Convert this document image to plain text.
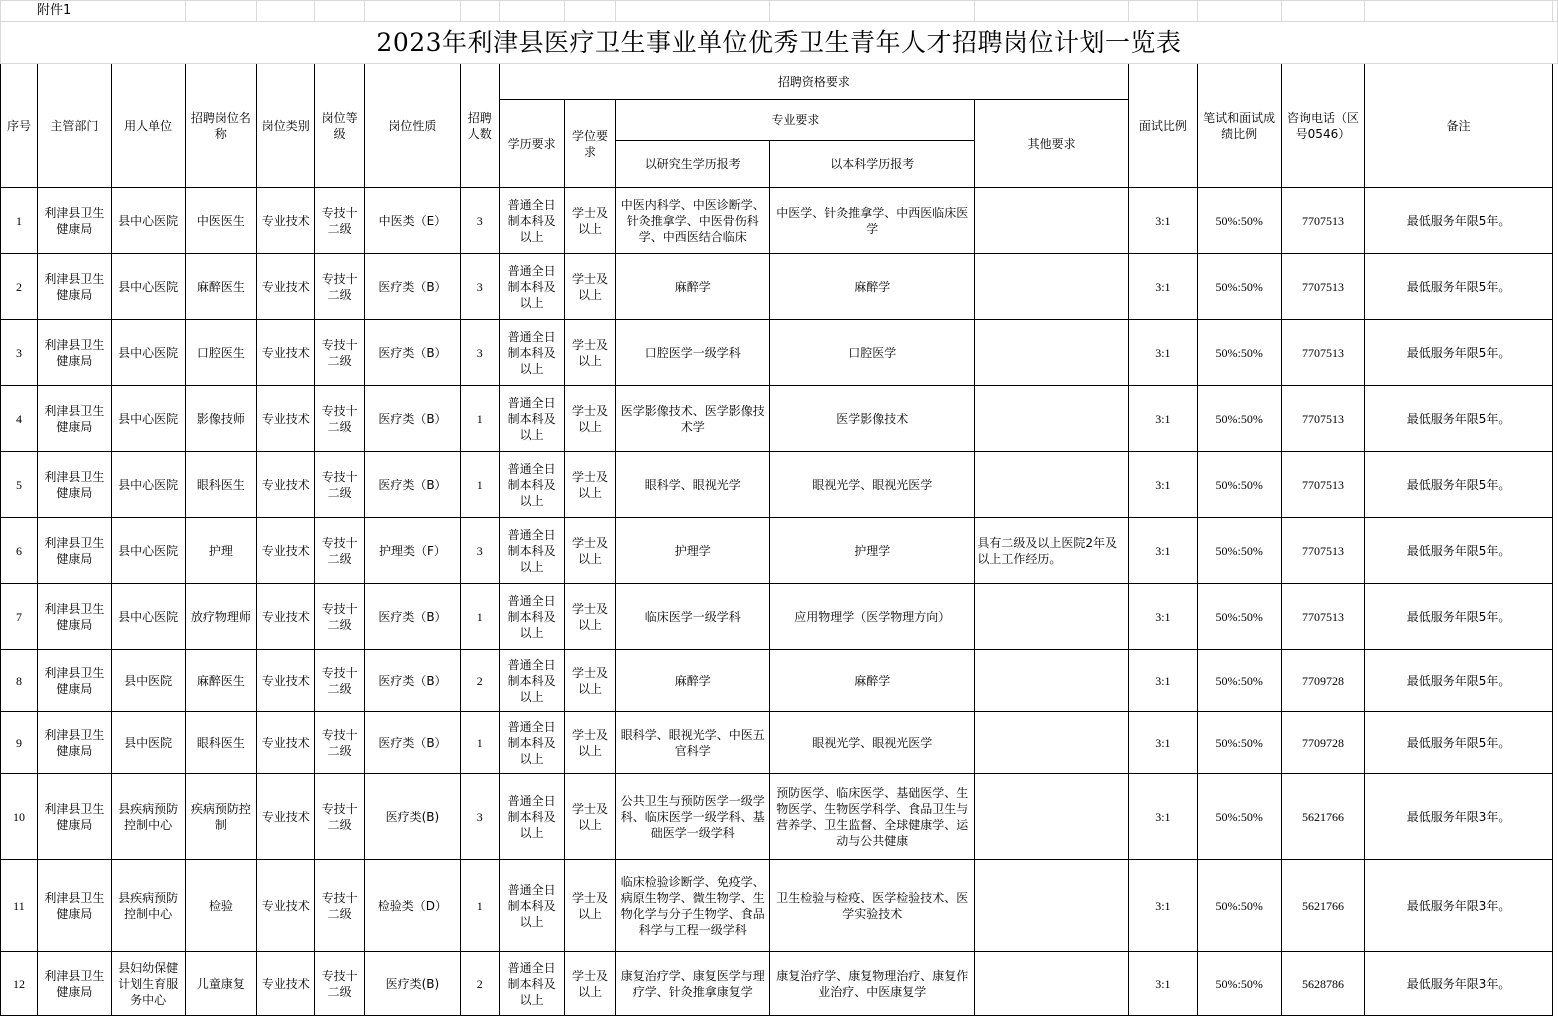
附件1																	
2023年利津县医疗卫生事业单位优秀卫生青年人才招聘岗位计划一览表																	
序号	主管部门	用人单位	招聘岗位名称	岗位类别	岗位等级	岗位性质	招聘人数	招聘资格要求					面试比例	笔试和面试成绩比例	咨询电话（区号0546）	备注	
								学历要求	学位要求	专业要求		其他要求					
										以研究生学历报考	以本科学历报考						
1	利津县卫生健康局	县中心医院	中医医生	专业技术	专技十二级	中医类（E）	3	普通全日制本科及以上	学士及以上	中医内科学、中医诊断学、针灸推拿学、中医骨伤科学、中西医结合临床	中医学、针灸推拿学、中西医临床医学		3:1	50%:50%	7707513	最低服务年限5年。	
2	利津县卫生健康局	县中心医院	麻醉医生	专业技术	专技十二级	医疗类（B）	3	普通全日制本科及以上	学士及以上	麻醉学	麻醉学		3:1	50%:50%	7707513	最低服务年限5年。	
3	利津县卫生健康局	县中心医院	口腔医生	专业技术	专技十二级	医疗类（B）	3	普通全日制本科及以上	学士及以上	口腔医学一级学科	口腔医学		3:1	50%:50%	7707513	最低服务年限5年。	
4	利津县卫生健康局	县中心医院	影像技师	专业技术	专技十二级	医疗类（B）	1	普通全日制本科及以上	学士及以上	医学影像技术、医学影像技术学	医学影像技术		3:1	50%:50%	7707513	最低服务年限5年。	
5	利津县卫生健康局	县中心医院	眼科医生	专业技术	专技十二级	医疗类（B）	1	普通全日制本科及以上	学士及以上	眼科学、眼视光学	眼视光学、眼视光医学		3:1	50%:50%	7707513	最低服务年限5年。	
6	利津县卫生健康局	县中心医院	护理	专业技术	专技十二级	护理类（F）	3	普通全日制本科及以上	学士及以上	护理学	护理学	具有二级及以上医院2年及以上工作经历。	3:1	50%:50%	7707513	最低服务年限5年。	
7	利津县卫生健康局	县中心医院	放疗物理师	专业技术	专技十二级	医疗类（B）	1	普通全日制本科及以上	学士及以上	临床医学一级学科	应用物理学（医学物理方向）		3:1	50%:50%	7707513	最低服务年限5年。	
8	利津县卫生健康局	县中医院	麻醉医生	专业技术	专技十二级	医疗类（B）	2	普通全日制本科及以上	学士及以上	麻醉学	麻醉学		3:1	50%:50%	7709728	最低服务年限5年。	
9	利津县卫生健康局	县中医院	眼科医生	专业技术	专技十二级	医疗类（B）	1	普通全日制本科及以上	学士及以上	眼科学、眼视光学、中医五官科学	眼视光学、眼视光医学		3:1	50%:50%	7709728	最低服务年限5年。	
10	利津县卫生健康局	县疾病预防控制中心	疾病预防控制	专业技术	专技十二级	医疗类(B)	3	普通全日制本科及以上	学士及以上	公共卫生与预防医学一级学科、临床医学一级学科、基础医学一级学科	预防医学、临床医学、基础医学、生物医学、生物医学科学、食品卫生与营养学、卫生监督、全球健康学、运动与公共健康		3:1	50%:50%	5621766	最低服务年限3年。	
11	利津县卫生健康局	县疾病预防控制中心	检验	专业技术	专技十二级	检验类（D）	1	普通全日制本科及以上	学士及以上	临床检验诊断学、免疫学、病原生物学、微生物学、生物化学与分子生物学、食品科学与工程一级学科	卫生检验与检疫、医学检验技术、医学实验技术		3:1	50%:50%	5621766	最低服务年限3年。	
12	利津县卫生健康局	县妇幼保健计划生育服务中心	儿童康复	专业技术	专技十二级	医疗类(B)	2	普通全日制本科及以上	学士及以上	康复治疗学、康复医学与理疗学、针灸推拿康复学	康复治疗学、康复物理治疗、康复作业治疗、中医康复学		3:1	50%:50%	5628786	最低服务年限3年。	
